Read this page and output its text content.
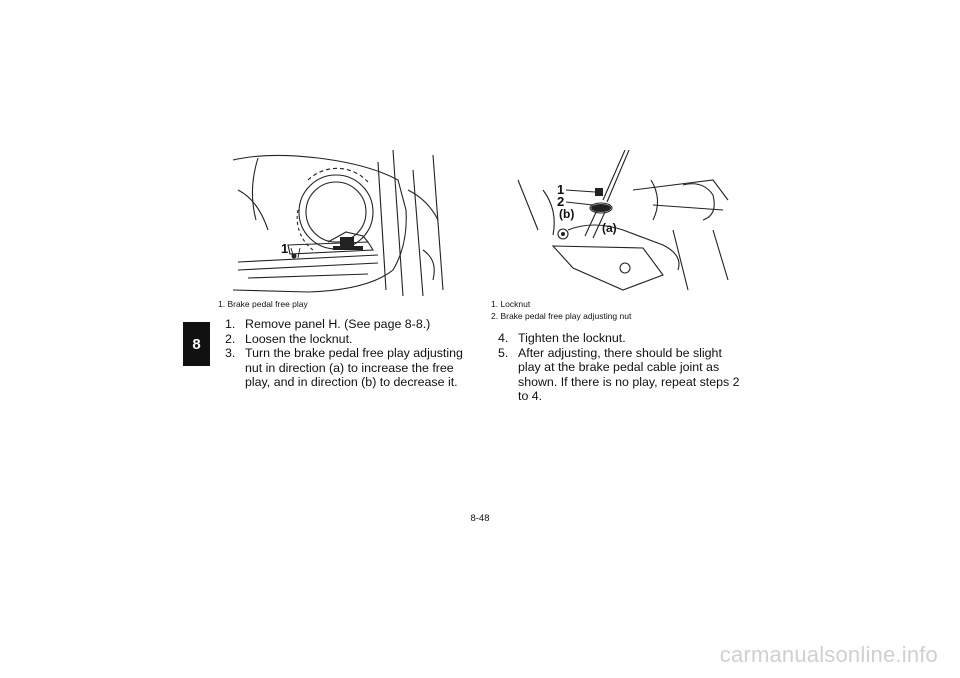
8
1
1. Brake pedal free play
1
2
(b)
(a)
1. Locknut
2. Brake pedal free play adjusting nut
1. Remove panel H. (See page 8-8.)
2. Loosen the locknut.
3. Turn the brake pedal free play adjusting nut in direction (a) to increase the free play, and in direction (b) to decrease it.
4. Tighten the locknut.
5. After adjusting, there should be slight play at the brake pedal cable joint as shown. If there is no play, repeat steps 2 to 4.
8-48
carmanualsonline.info
